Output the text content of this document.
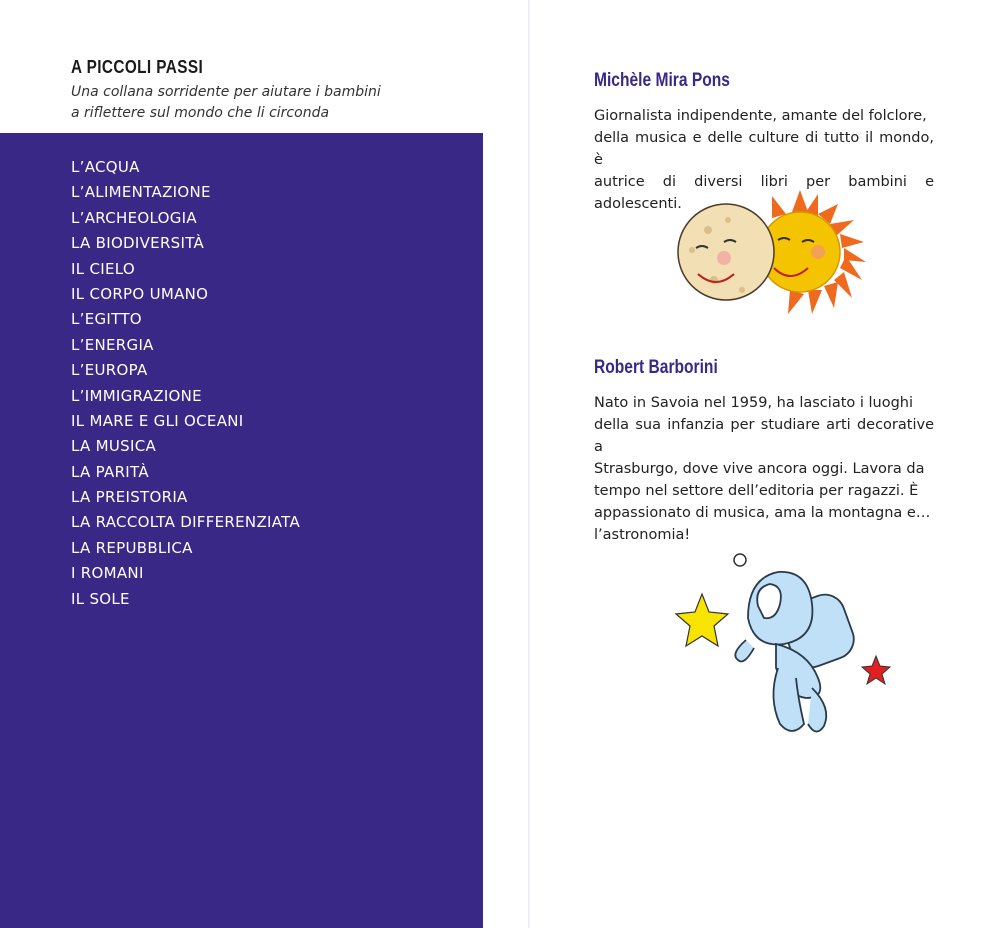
A PICCOLI PASSI
Una collana sorridente per aiutare i bambini
a riflettere sul mondo che li circonda
L’ACQUA
L’ALIMENTAZIONE
L’ARCHEOLOGIA
LA BIODIVERSITÀ
IL CIELO
IL CORPO UMANO
L’EGITTO
L’ENERGIA
L’EUROPA
L’IMMIGRAZIONE
IL MARE E GLI OCEANI
LA MUSICA
LA PARITÀ
LA PREISTORIA
LA RACCOLTA DIFFERENZIATA
LA REPUBBLICA
I ROMANI
IL SOLE
Michèle Mira Pons
Giornalista indipendente, amante del folclore,
della musica e delle culture di tutto il mondo, è
autrice di diversi libri per bambini e adolescenti.
Robert Barborini
Nato in Savoia nel 1959, ha lasciato i luoghi
della sua infanzia per studiare arti decorative a
Strasburgo, dove vive ancora oggi. Lavora da
tempo nel settore dell’editoria per ragazzi. È
appassionato di musica, ama la montagna e…
l’astronomia!
